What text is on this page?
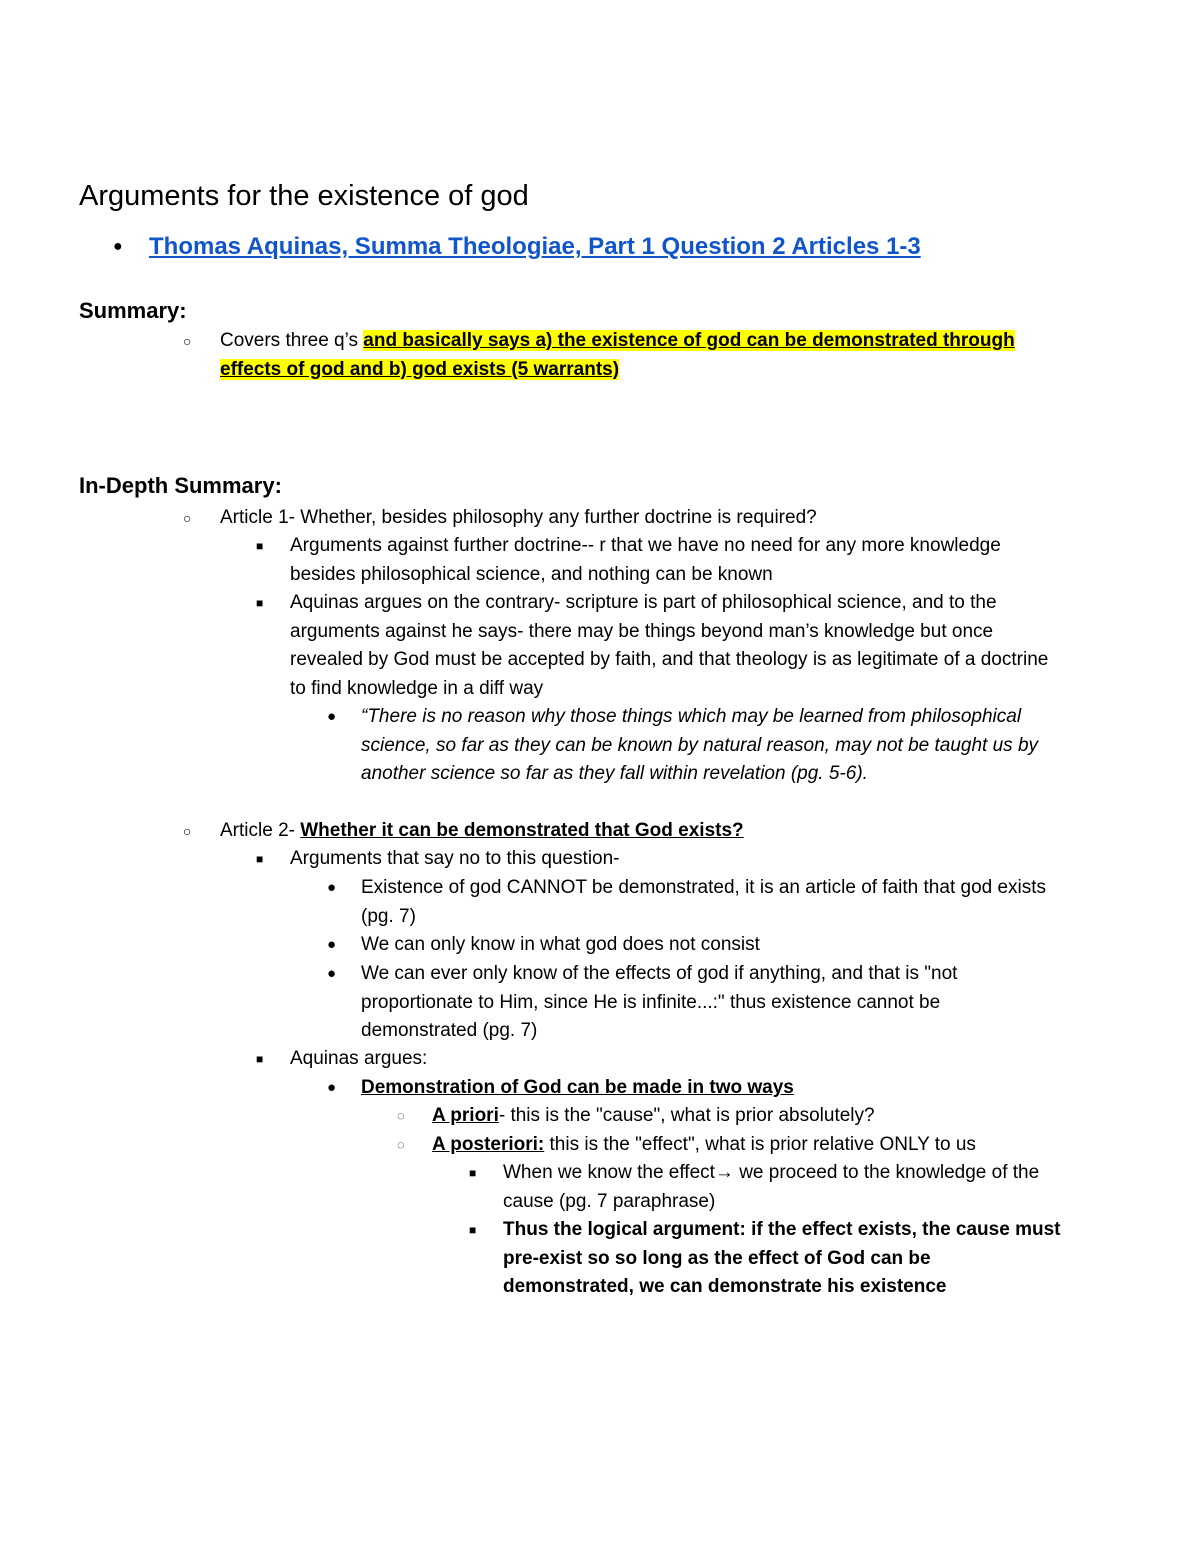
Arguments for the existence of god
● Thomas Aquinas, Summa Theologiae, Part 1 Question 2 Articles 1-3
Summary:
○ Covers three q’s and basically says a) the existence of god can be demonstrated through effects of god and b) god exists (5 warrants)
In-Depth Summary:
○ Article 1- Whether, besides philosophy any further doctrine is required?
■ Arguments against further doctrine-- r that we have no need for any more knowledge besides philosophical science, and nothing can be known
■ Aquinas argues on the contrary- scripture is part of philosophical science, and to the arguments against he says- there may be things beyond man’s knowledge but once revealed by God must be accepted by faith, and that theology is as legitimate of a doctrine to find knowledge in a diff way
● “There is no reason why those things which may be learned from philosophical science, so far as they can be known by natural reason, may not be taught us by another science so far as they fall within revelation (pg. 5-6).
○ Article 2- Whether it can be demonstrated that God exists?
■ Arguments that say no to this question-
● Existence of god CANNOT be demonstrated, it is an article of faith that god exists (pg. 7)
● We can only know in what god does not consist
● We can ever only know of the effects of god if anything, and that is "not proportionate to Him, since He is infinite...:" thus existence cannot be demonstrated (pg. 7)
■ Aquinas argues:
● Demonstration of God can be made in two ways
◌ A priori- this is the "cause", what is prior absolutely?
◌ A posteriori: this is the "effect", what is prior relative ONLY to us
■ When we know the effect→ we proceed to the knowledge of the cause (pg. 7 paraphrase)
■ Thus the logical argument: if the effect exists, the cause must pre-exist so so long as the effect of God can be demonstrated, we can demonstrate his existence
